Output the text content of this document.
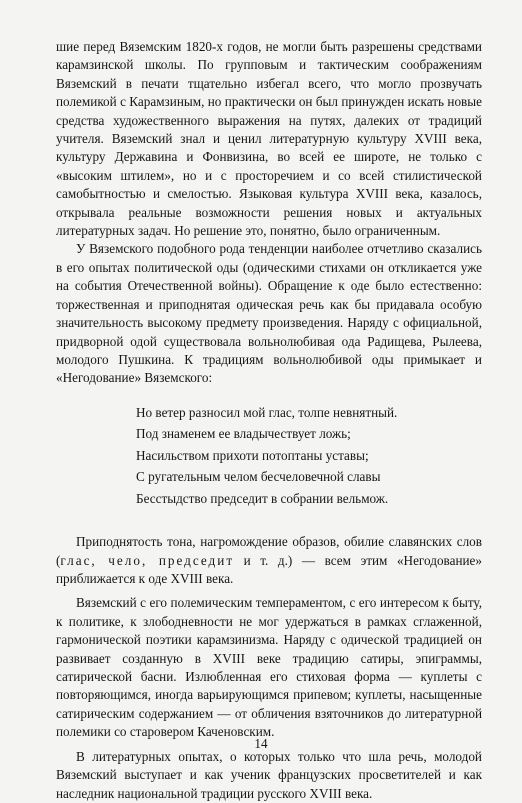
шие перед Вяземским 1820-х годов, не могли быть разрешены средствами карамзинской школы. По групповым и тактическим соображениям Вяземский в печати тщательно избегал всего, что могло прозвучать полемикой с Карамзиным, но практически он был принужден искать новые средства художественного выражения на путях, далеких от традиций учителя. Вяземский знал и ценил литературную культуру XVIII века, культуру Державина и Фонвизина, во всей ее широте, не только с «высоким штилем», но и с просторечием и со всей стилистической самобытностью и смелостью. Языковая культура XVIII века, казалось, открывала реальные возможности решения новых и актуальных литературных задач. Но решение это, понятно, было ограниченным.

У Вяземского подобного рода тенденции наиболее отчетливо сказались в его опытах политической оды (одическими стихами он откликается уже на события Отечественной войны). Обращение к оде было естественно: торжественная и приподнятая одическая речь как бы придавала особую значительность высокому предмету произведения. Наряду с официальной, придворной одой существовала вольнолюбивая ода Радищева, Рылеева, молодого Пушкина. К традициям вольнолюбивой оды примыкает и «Негодование» Вяземского:

Но ветер разносил мой глас, толпе невнятный.
Под знаменем ее владычествует ложь;
Насильством прихоти потоптаны уставы;
С ругательным челом бесчеловечной славы
Бесстыдство председит в собрании вельмож.

Приподнятость тона, нагромождение образов, обилие славянских слов (глас, чело, председит и т. д.) — всем этим «Негодование» приближается к оде XVIII века.

Вяземский с его полемическим темпераментом, с его интересом к быту, к политике, к злободневности не мог удержаться в рамках сглаженной, гармонической поэтики карамзинизма. Наряду с одической традицией он развивает созданную в XVIII веке традицию сатиры, эпиграммы, сатирической басни. Излюбленная его стиховая форма — куплеты с повторяющимся, иногда варьирующимся припевом; куплеты, насыщенные сатирическим содержанием — от обличения взяточников до литературной полемики со старовером Каченовским.

В литературных опытах, о которых только что шла речь, молодой Вяземский выступает и как ученик французских просветителей и как наследник национальной традиции русского XVIII века.

14
